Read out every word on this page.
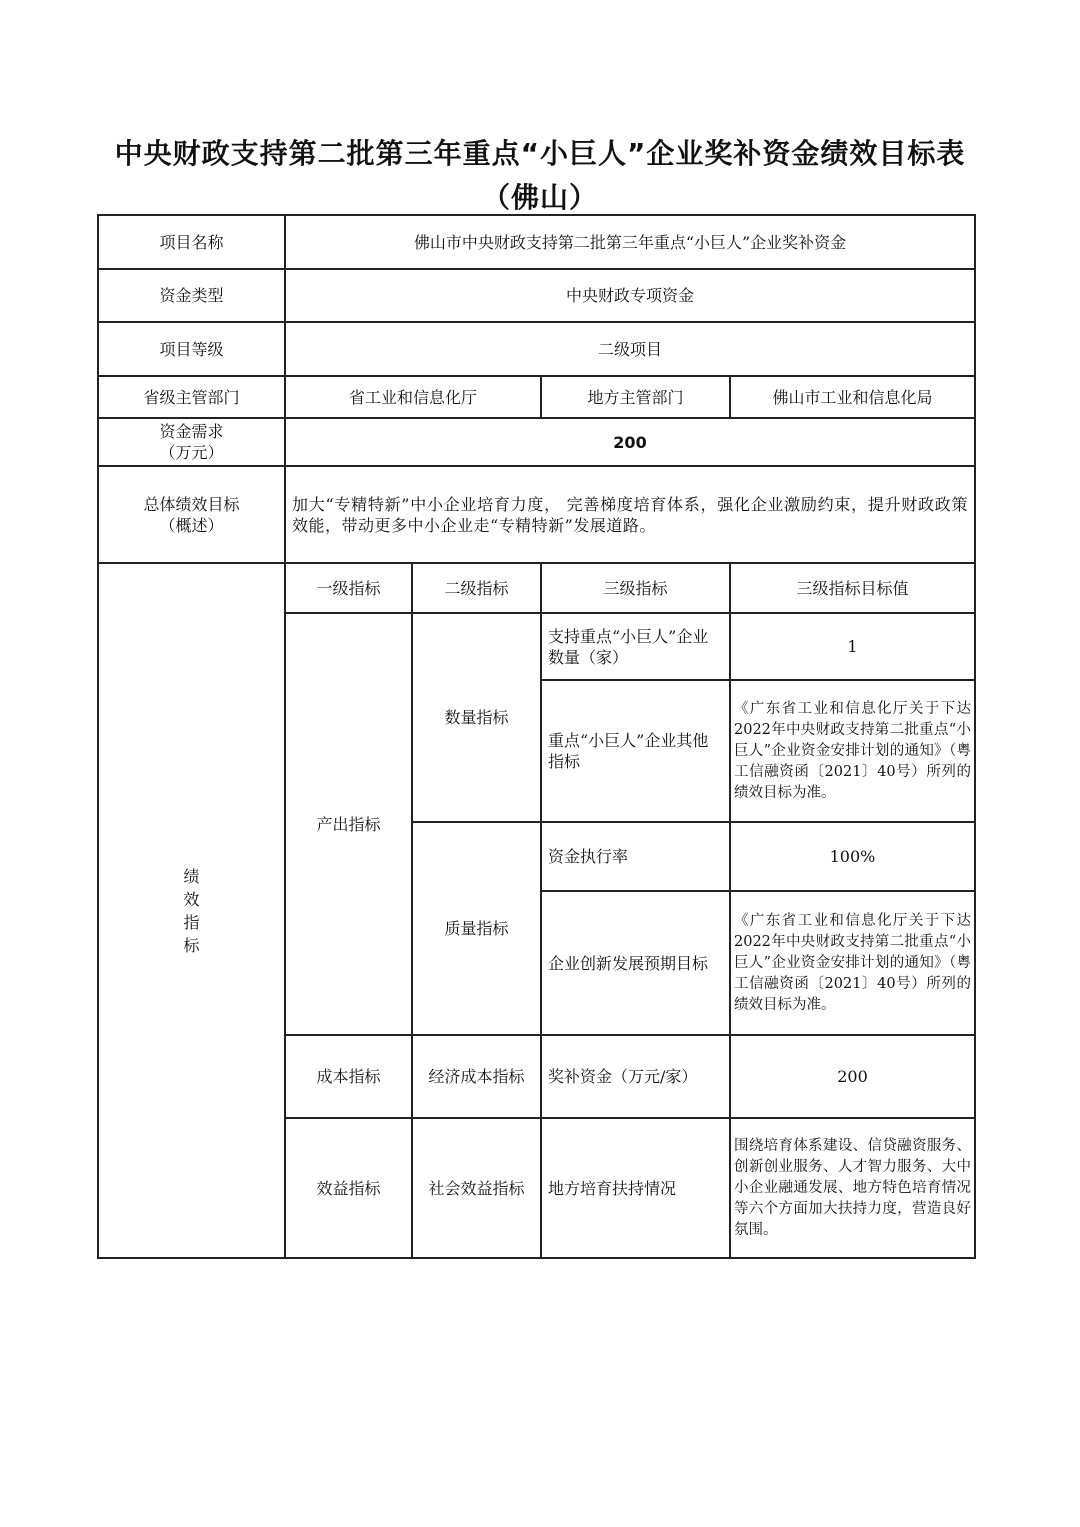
中央财政支持第二批第三年重点“小巨人”企业奖补资金绩效目标表（佛山）
项目名称	佛山市中央财政支持第二批第三年重点“小巨人”企业奖补资金			
资金类型	中央财政专项资金			
项目等级	二级项目			
省级主管部门	省工业和信息化厅		地方主管部门	佛山市工业和信息化局

资金需求
（万元）	200			

总体绩效目标
（概述）	加大“专精特新”中小企业培育力度， 完善梯度培育体系，强化企业激励约束，提升财政政策效能，带动更多中小企业走“专精特新”发展道路。			
绩效指标	一级指标	二级指标	三级指标	三级指标目标值
	产出指标	数量指标	支持重点“小巨人”企业数量（家）	1
			重点“小巨人”企业其他指标	《广东省工业和信息化厅关于下达2022年中央财政支持第二批重点“小巨人”企业资金安排计划的通知》（粤工信融资函〔2021〕40号）所列的绩效目标为准。
		质量指标	资金执行率	100%
			企业创新发展预期目标	《广东省工业和信息化厅关于下达2022年中央财政支持第二批重点“小巨人”企业资金安排计划的通知》（粤工信融资函〔2021〕40号）所列的绩效目标为准。
	成本指标	经济成本指标	奖补资金（万元/家）	200
	效益指标	社会效益指标	地方培育扶持情况	围绕培育体系建设、信贷融资服务、创新创业服务、人才智力服务、大中小企业融通发展、地方特色培育情况等六个方面加大扶持力度，营造良好氛围。
